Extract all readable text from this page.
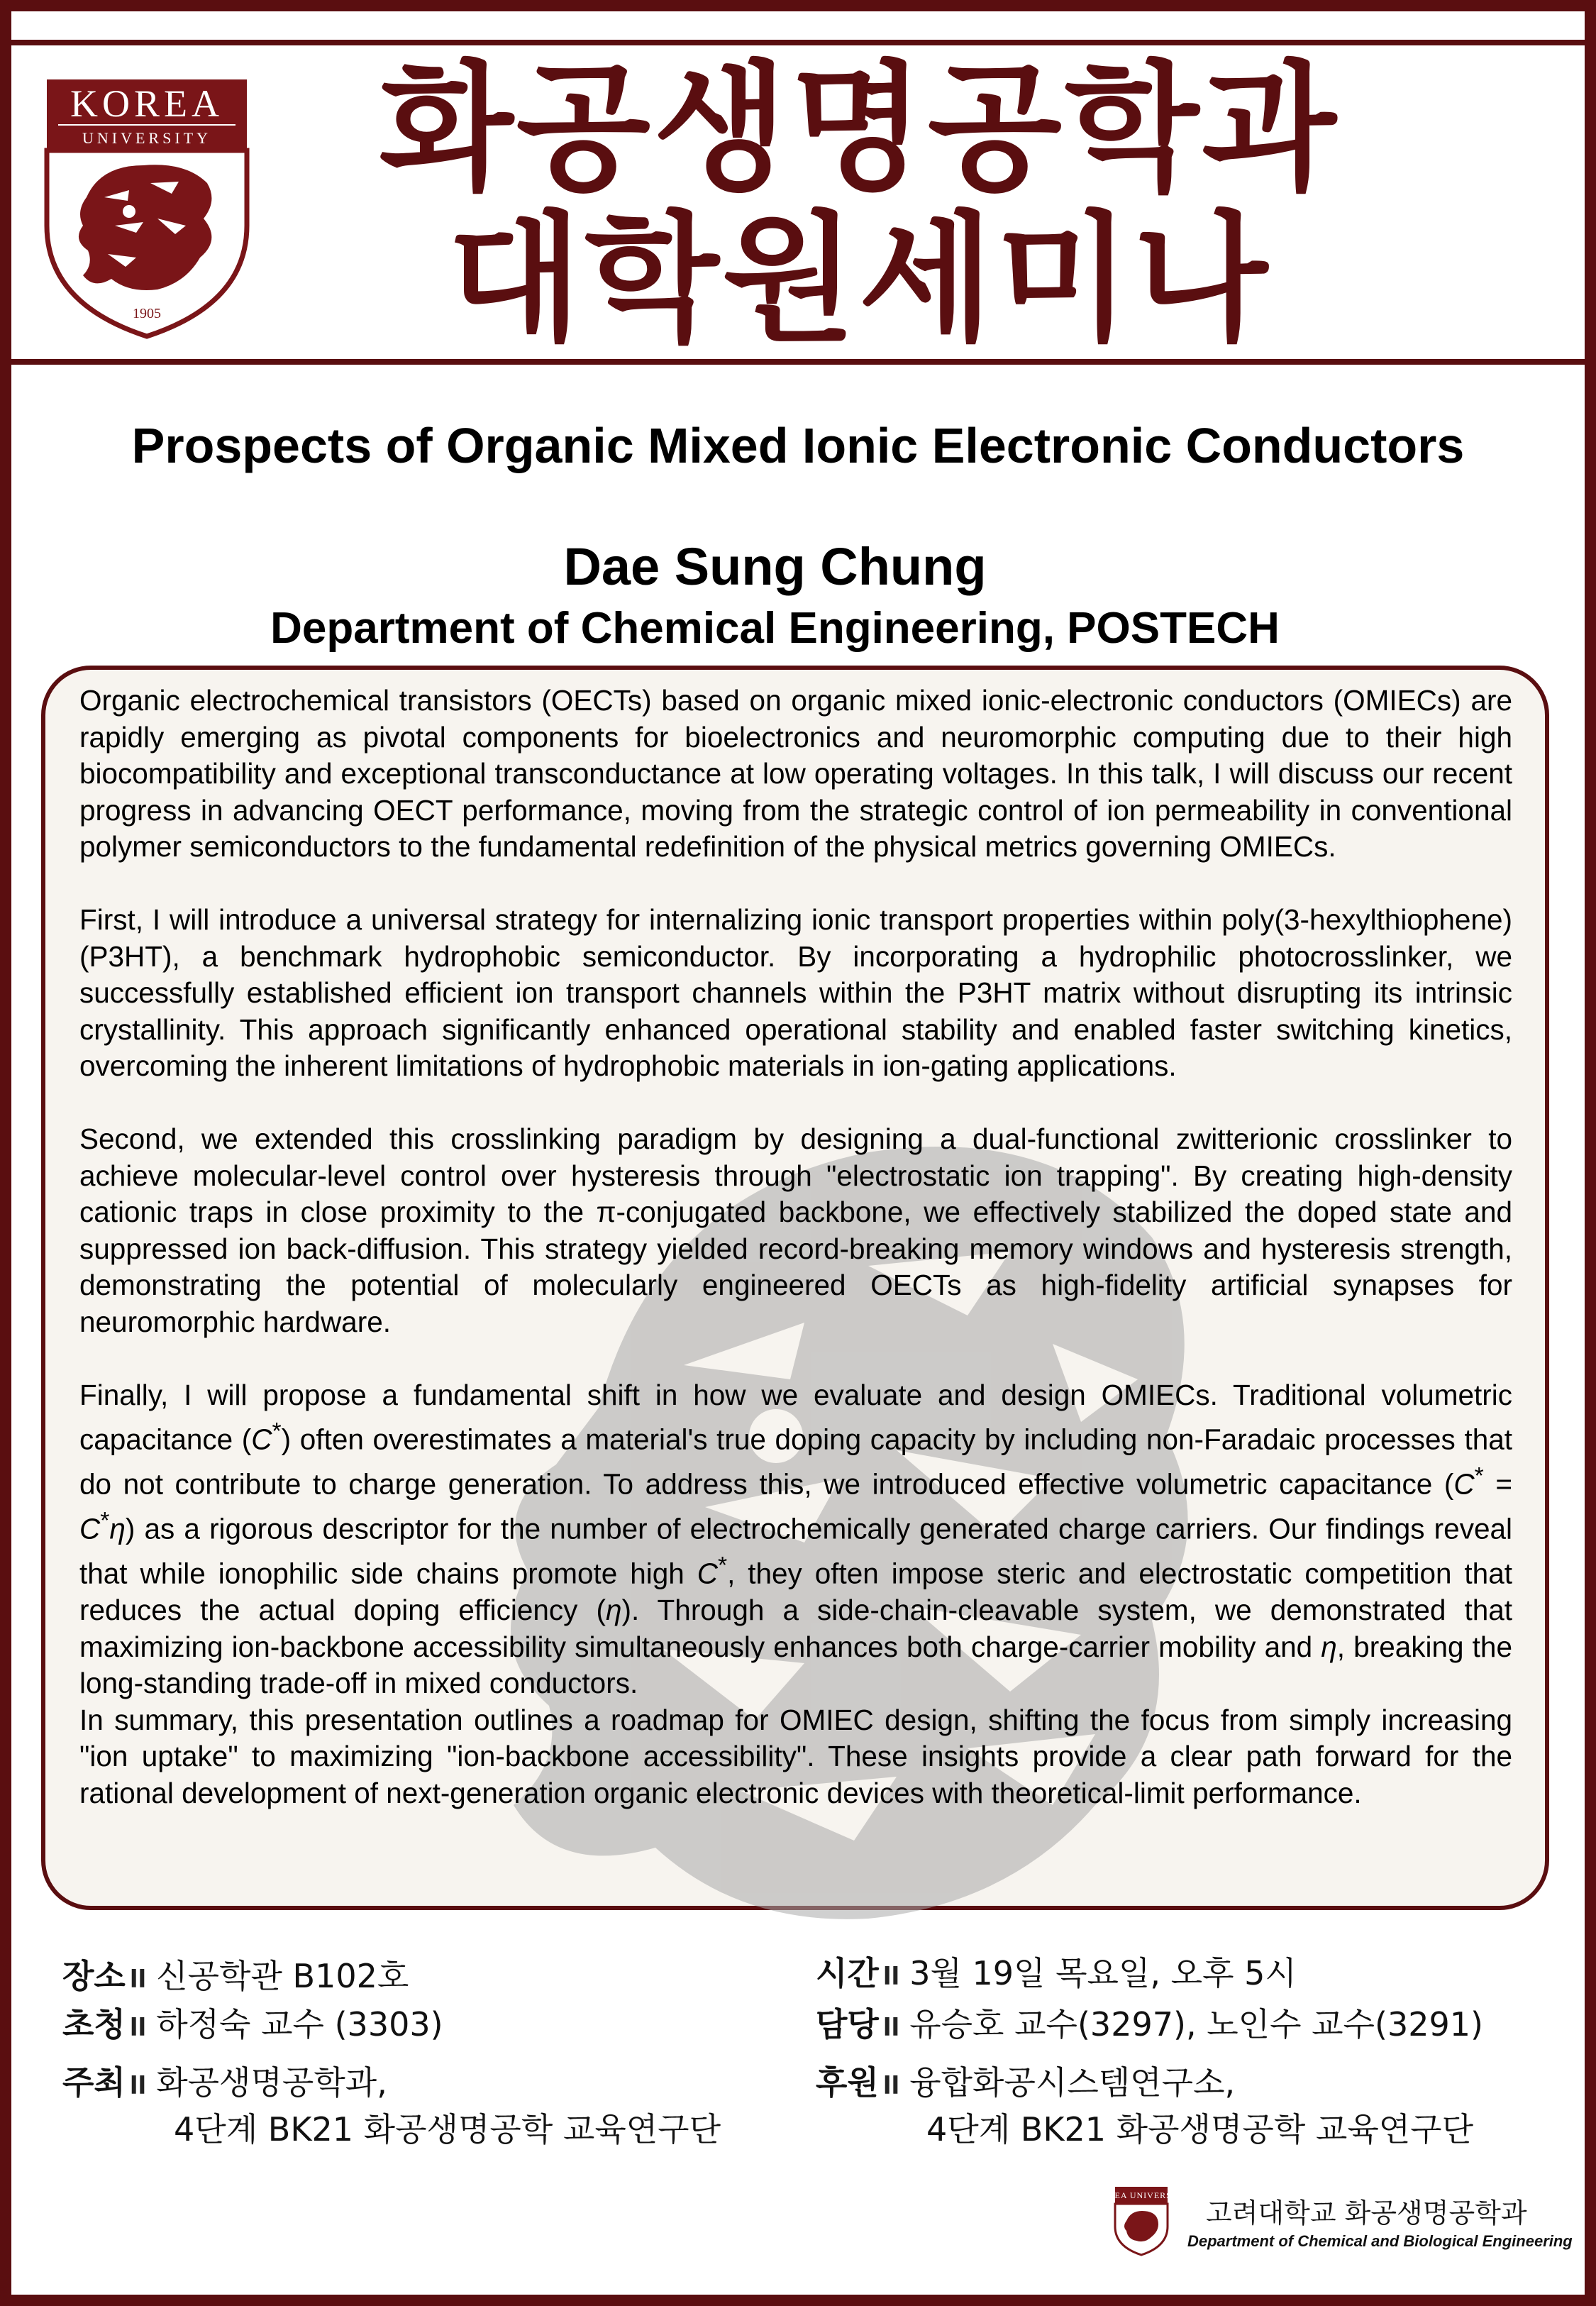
KOREA
UNIVERSITY
1905
화공생명공학과
대학원세미나
Prospects of Organic Mixed Ionic Electronic Conductors
Dae Sung Chung
Department of Chemical Engineering, POSTECH

Organic electrochemical transistors (OECTs) based on organic mixed ionic-electronic conductors (OMIECs) are rapidly emerging as pivotal components for bioelectronics and neuromorphic computing due to their high biocompatibility and exceptional transconductance at low operating voltages. In this talk, I will discuss our recent progress in advancing OECT performance, moving from the strategic control of ion permeability in conventional polymer semiconductors to the fundamental redefinition of the physical metrics governing OMIECs.

First, I will introduce a universal strategy for internalizing ionic transport properties within poly(3-hexylthiophene) (P3HT), a benchmark hydrophobic semiconductor. By incorporating a hydrophilic photocrosslinker, we successfully established efficient ion transport channels within the P3HT matrix without disrupting its intrinsic crystallinity. This approach significantly enhanced operational stability and enabled faster switching kinetics, overcoming the inherent limitations of hydrophobic materials in ion-gating applications.

Second, we extended this crosslinking paradigm by designing a dual-functional zwitterionic crosslinker to achieve molecular-level control over hysteresis through "electrostatic ion trapping". By creating high-density cationic traps in close proximity to the π-conjugated backbone, we effectively stabilized the doped state and suppressed ion back-diffusion. This strategy yielded record-breaking memory windows and hysteresis strength, demonstrating the potential of molecularly engineered OECTs as high-fidelity artificial synapses for neuromorphic hardware.

Finally, I will propose a fundamental shift in how we evaluate and design OMIECs. Traditional volumetric capacitance (C*) often overestimates a material's true doping capacity by including non-Faradaic processes that do not contribute to charge generation. To address this, we introduced effective volumetric capacitance (C* = C*η) as a rigorous descriptor for the number of electrochemically generated charge carriers. Our findings reveal that while ionophilic side chains promote high C*, they often impose steric and electrostatic competition that reduces the actual doping efficiency (η). Through a side-chain-cleavable system, we demonstrated that maximizing ion-backbone accessibility simultaneously enhances both charge-carrier mobility and η, breaking the long-standing trade-off in mixed conductors.

In summary, this presentation outlines a roadmap for OMIEC design, shifting the focus from simply increasing "ion uptake" to maximizing "ion-backbone accessibility". These insights provide a clear path forward for the rational development of next-generation organic electronic devices with theoretical-limit performance.

장소 ll 신공학관 B102호
초청 ll 하정숙 교수 (3303)
주최 ll 화공생명공학과,
4단계 BK21 화공생명공학 교육연구단
시간 ll 3월 19일 목요일, 오후 5시
담당 ll 유승호 교수(3297), 노인수 교수(3291)
후원 ll 융합화공시스템연구소,
4단계 BK21 화공생명공학 교육연구단
KOREA UNIVERSITY
고려대학교 화공생명공학과
Department of Chemical and Biological Engineering
